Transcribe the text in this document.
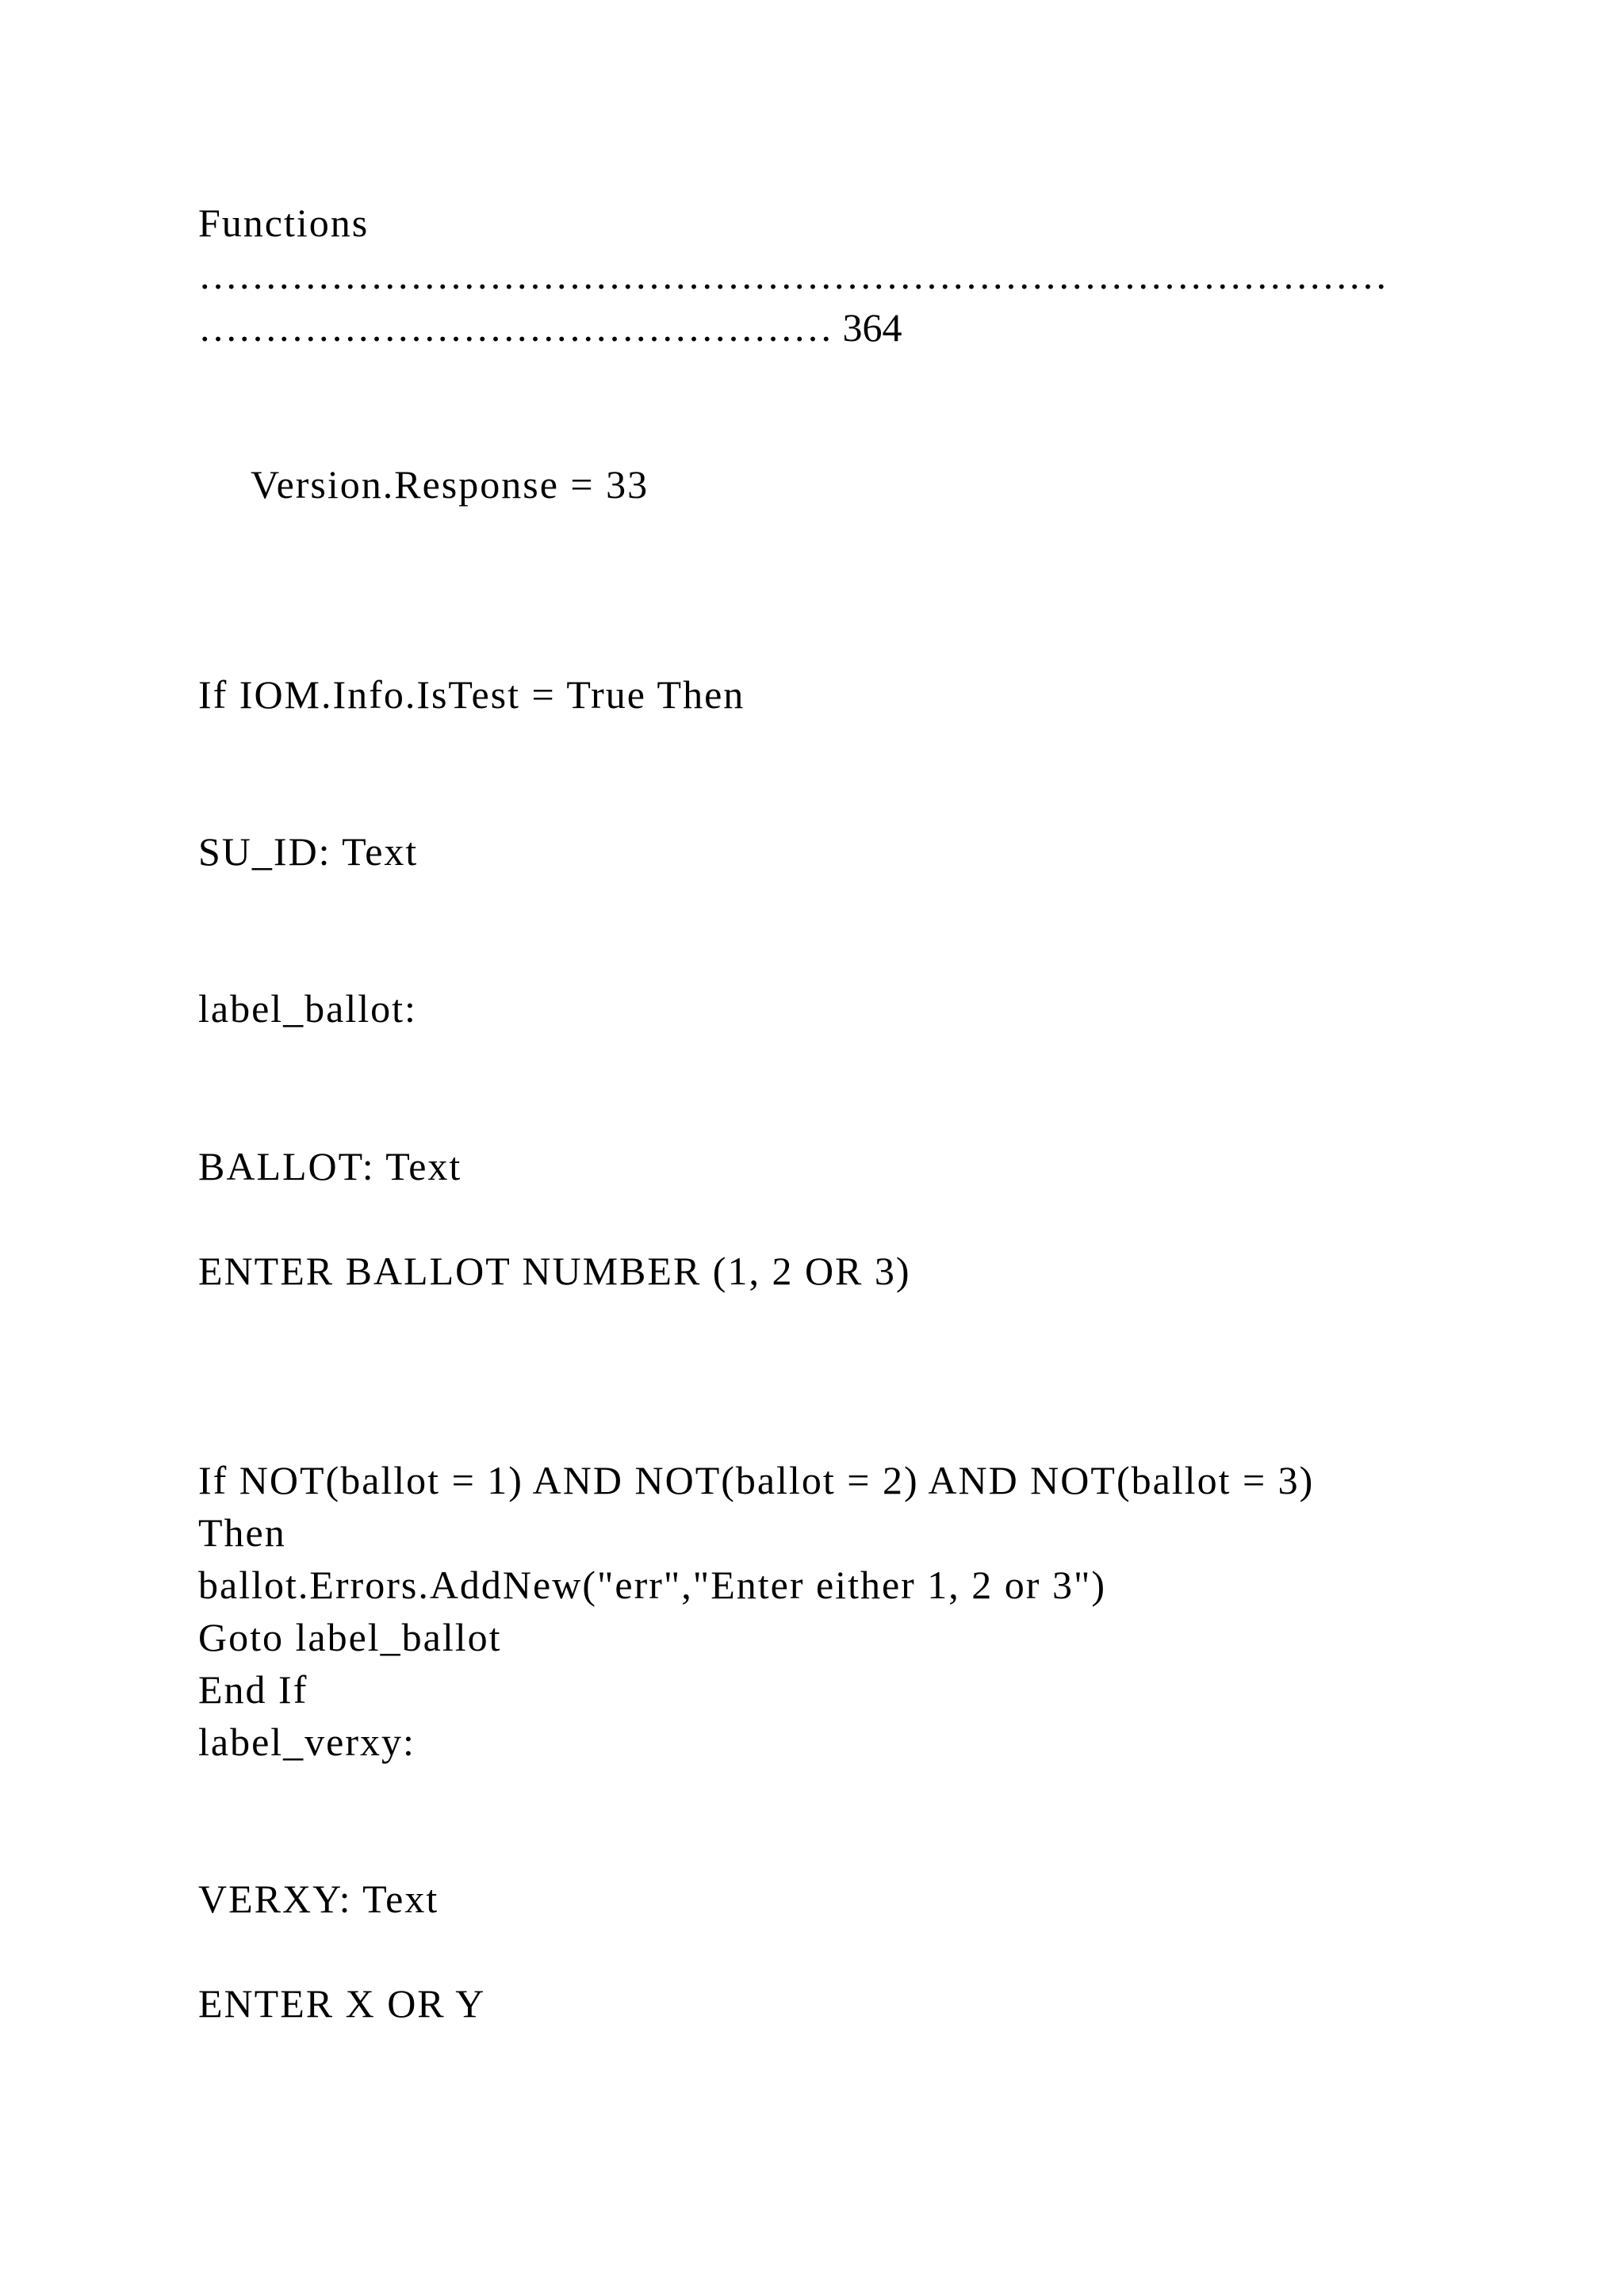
Functions

………………………………………………………………………………

………………………………………… 364

Version.Response = 33

If IOM.Info.IsTest = True Then

SU_ID: Text

label_ballot:

BALLOT: Text

ENTER BALLOT NUMBER (1, 2 OR 3)

If NOT(ballot = 1) AND NOT(ballot = 2) AND NOT(ballot = 3)

Then

ballot.Errors.AddNew("err","Enter either 1, 2 or 3")

Goto label_ballot

End If

label_verxy:

VERXY: Text

ENTER X OR Y
